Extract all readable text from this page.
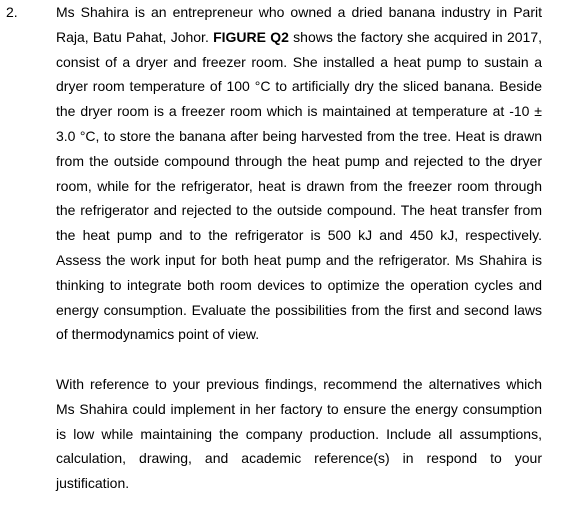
2.	Ms Shahira is an entrepreneur who owned a dried banana industry in Parit Raja, Batu Pahat, Johor. FIGURE Q2 shows the factory she acquired in 2017, consist of a dryer and freezer room. She installed a heat pump to sustain a dryer room temperature of 100 °C to artificially dry the sliced banana. Beside the dryer room is a freezer room which is maintained at temperature at -10 ± 3.0 °C, to store the banana after being harvested from the tree. Heat is drawn from the outside compound through the heat pump and rejected to the dryer room, while for the refrigerator, heat is drawn from the freezer room through the refrigerator and rejected to the outside compound. The heat transfer from the heat pump and to the refrigerator is 500 kJ and 450 kJ, respectively. Assess the work input for both heat pump and the refrigerator. Ms Shahira is thinking to integrate both room devices to optimize the operation cycles and energy consumption. Evaluate the possibilities from the first and second laws of thermodynamics point of view.

With reference to your previous findings, recommend the alternatives which Ms Shahira could implement in her factory to ensure the energy consumption is low while maintaining the company production. Include all assumptions, calculation, drawing, and academic reference(s) in respond to your justification.
